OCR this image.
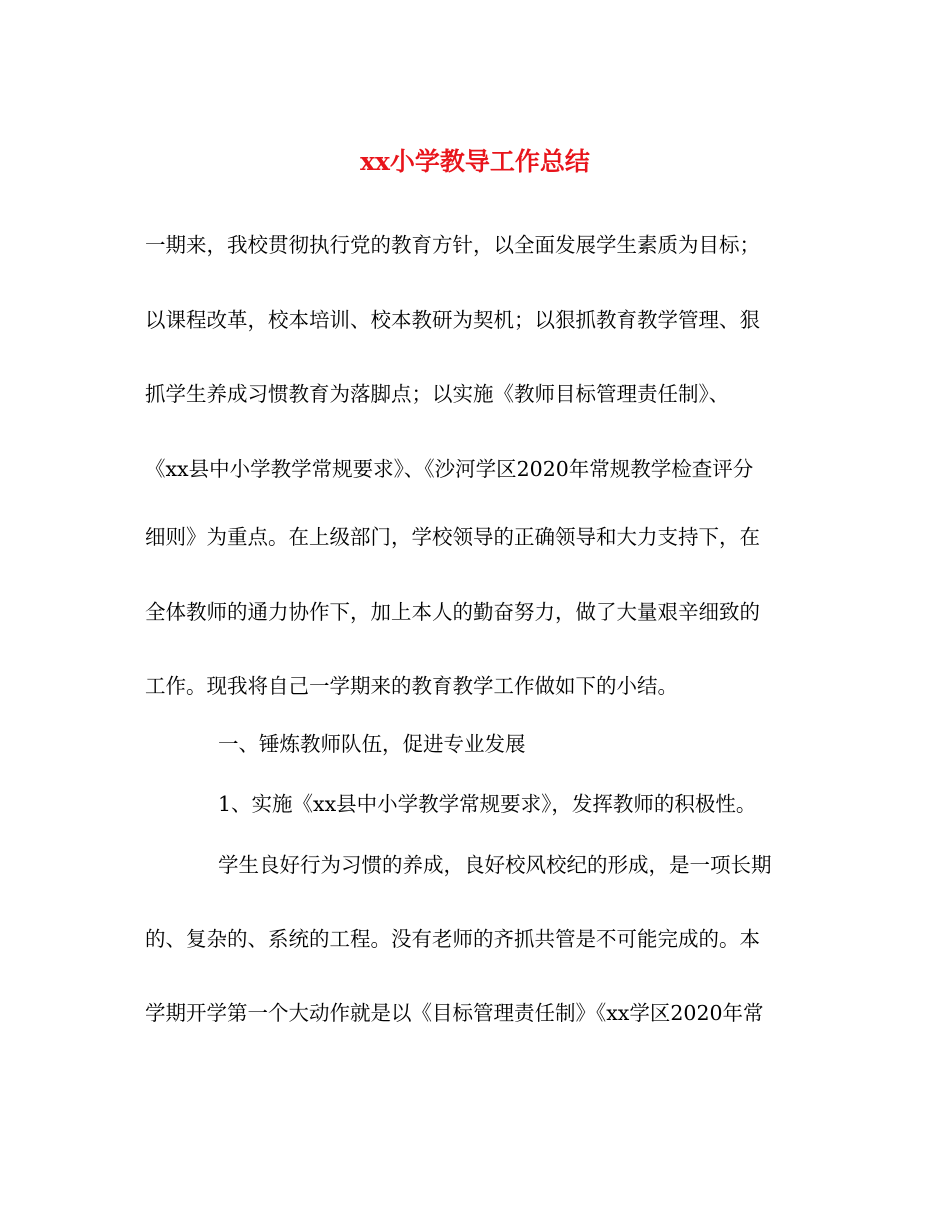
xx小学教导工作总结

一期来，我校贯彻执行党的教育方针，以全面发展学生素质为目标；

以课程改革，校本培训、校本教研为契机；以狠抓教育教学管理、狠

抓学生养成习惯教育为落脚点；以实施《教师目标管理责任制》、

《xx县中小学教学常规要求》、《沙河学区2020年常规教学检查评分

细则》为重点。在上级部门，学校领导的正确领导和大力支持下，在

全体教师的通力协作下，加上本人的勤奋努力，做了大量艰辛细致的

工作。现我将自己一学期来的教育教学工作做如下的小结。

一、锤炼教师队伍，促进专业发展

1、实施《xx县中小学教学常规要求》，发挥教师的积极性。

学生良好行为习惯的养成，良好校风校纪的形成，是一项长期

的、复杂的、系统的工程。没有老师的齐抓共管是不可能完成的。本

学期开学第一个大动作就是以《目标管理责任制》《xx学区2020年常
